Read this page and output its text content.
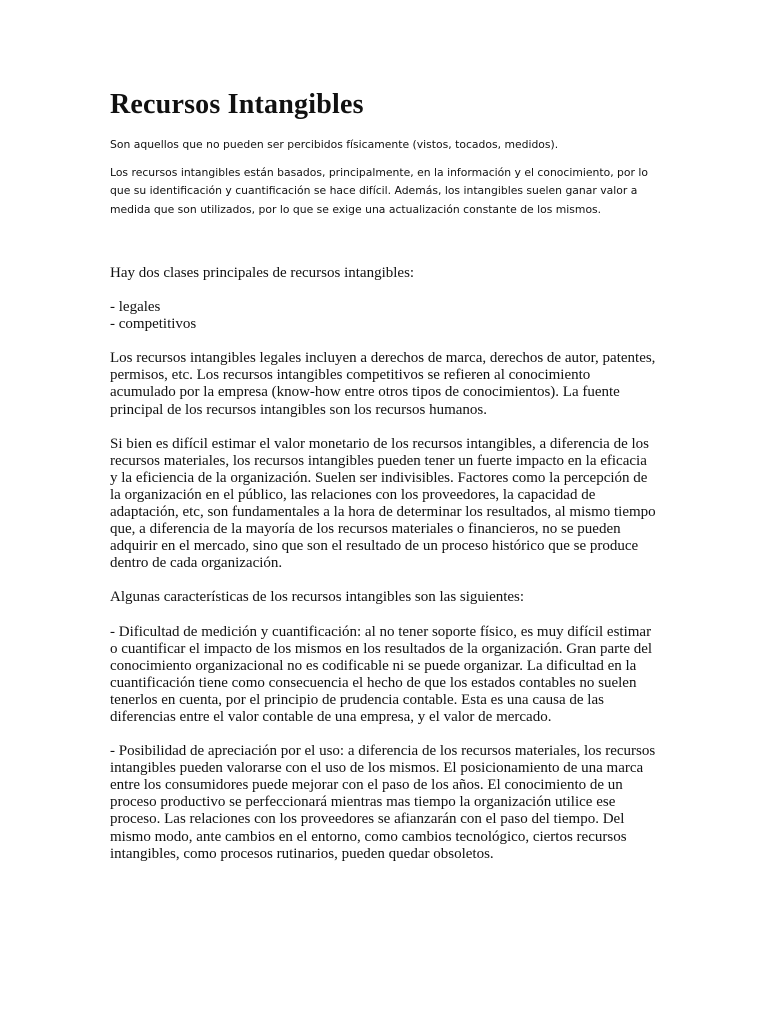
Recursos Intangibles

Son aquellos que no pueden ser percibidos físicamente (vistos, tocados, medidos).

Los recursos intangibles están basados, principalmente, en la información y el conocimiento, por lo que su identificación y cuantificación se hace difícil. Además, los intangibles suelen ganar valor a medida que son utilizados, por lo que se exige una actualización constante de los mismos.

Hay dos clases principales de recursos intangibles:

- legales
- competitivos

Los recursos intangibles legales incluyen a derechos de marca, derechos de autor, patentes, permisos, etc. Los recursos intangibles competitivos se refieren al conocimiento acumulado por la empresa (know-how entre otros tipos de conocimientos). La fuente principal de los recursos intangibles son los recursos humanos.

Si bien es difícil estimar el valor monetario de los recursos intangibles, a diferencia de los recursos materiales, los recursos intangibles pueden tener un fuerte impacto en la eficacia y la eficiencia de la organización. Suelen ser indivisibles. Factores como la percepción de la organización en el público, las relaciones con los proveedores, la capacidad de adaptación, etc, son fundamentales a la hora de determinar los resultados, al mismo tiempo que, a diferencia de la mayoría de los recursos materiales o financieros, no se pueden adquirir en el mercado, sino que son el resultado de un proceso histórico que se produce dentro de cada organización.

Algunas características de los recursos intangibles son las siguientes:

- Dificultad de medición y cuantificación: al no tener soporte físico, es muy difícil estimar o cuantificar el impacto de los mismos en los resultados de la organización. Gran parte del conocimiento organizacional no es codificable ni se puede organizar. La dificultad en la cuantificación tiene como consecuencia el hecho de que los estados contables no suelen tenerlos en cuenta, por el principio de prudencia contable. Esta es una causa de las diferencias entre el valor contable de una empresa, y el valor de mercado.

- Posibilidad de apreciación por el uso: a diferencia de los recursos materiales, los recursos intangibles pueden valorarse con el uso de los mismos. El posicionamiento de una marca entre los consumidores puede mejorar con el paso de los años. El conocimiento de un proceso productivo se perfeccionará mientras mas tiempo la organización utilice ese proceso. Las relaciones con los proveedores se afianzarán con el paso del tiempo. Del mismo modo, ante cambios en el entorno, como cambios tecnológico, ciertos recursos intangibles, como procesos rutinarios, pueden quedar obsoletos.
